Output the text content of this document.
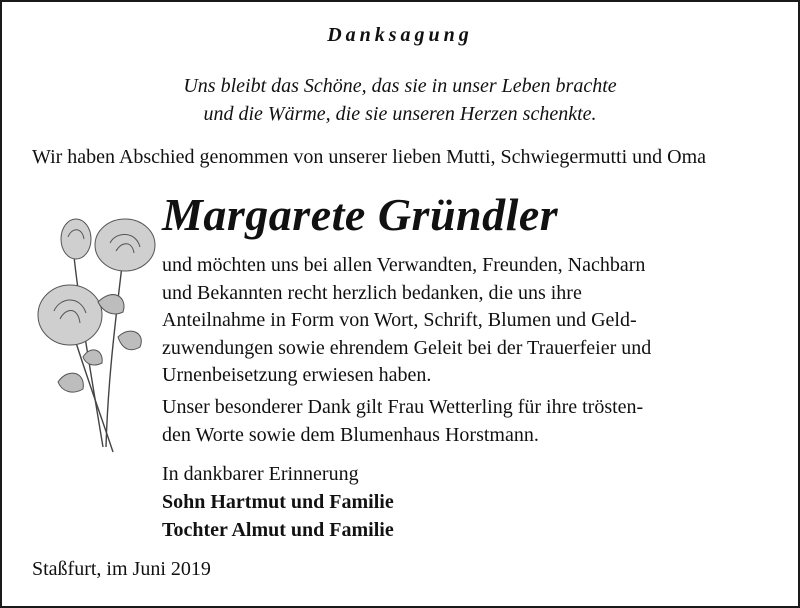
Danksagung
Uns bleibt das Schöne, das sie in unser Leben brachte
und die Wärme, die sie unseren Herzen schenkte.
Wir haben Abschied genommen von unserer lieben Mutti, Schwiegermutti und Oma
Margarete Gründler
und möchten uns bei allen Verwandten, Freunden, Nachbarn
und Bekannten recht herzlich bedanken, die uns ihre
Anteilnahme in Form von Wort, Schrift, Blumen und Geld-
zuwendungen sowie ehrendem Geleit bei der Trauerfeier und
Urnenbeisetzung erwiesen haben.
Unser besonderer Dank gilt Frau Wetterling für ihre trösten-
den Worte sowie dem Blumenhaus Horstmann.
In dankbarer Erinnerung
Sohn Hartmut und Familie
Tochter Almut und Familie
Staßfurt, im Juni 2019
